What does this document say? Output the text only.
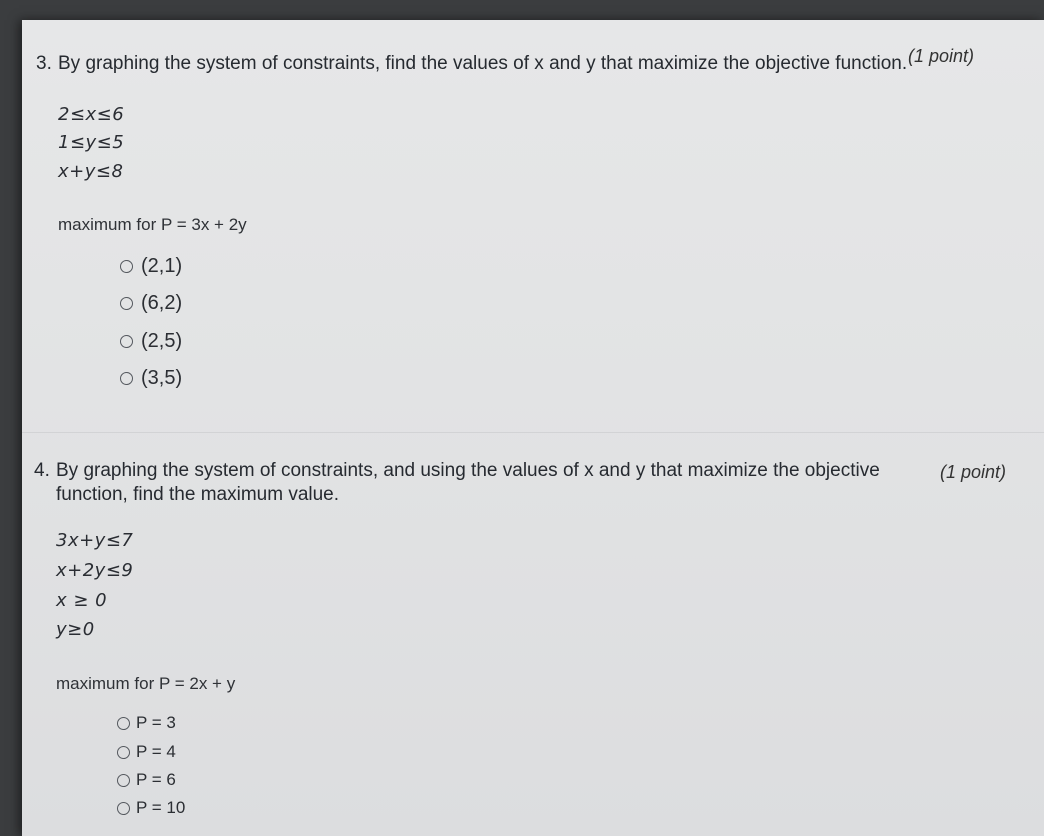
3. By graphing the system of constraints, find the values of x and y that maximize the objective function. (1 point)
2≤x≤6
1≤y≤5
x+y≤8
maximum for P = 3x + 2y
(2,1)
(6,2)
(2,5)
(3,5)
4. By graphing the system of constraints, and using the values of x and y that maximize the objective
function, find the maximum value.
(1 point)
3x+y≤7
x+2y≤9
x ≥ 0
y≥0
maximum for P = 2x + y
P = 3
P = 4
P = 6
P = 10
